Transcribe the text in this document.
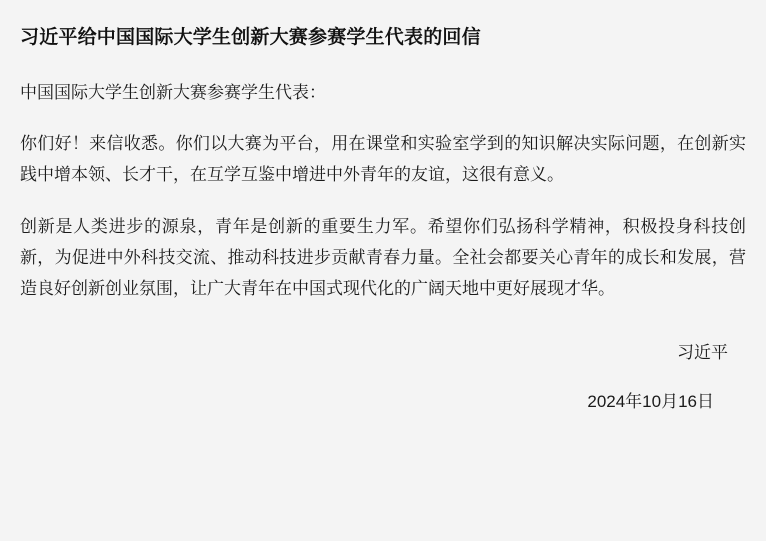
习近平给中国国际大学生创新大赛参赛学生代表的回信

中国国际大学生创新大赛参赛学生代表：

你们好！来信收悉。你们以大赛为平台，用在课堂和实验室学到的知识解决实际问题，在创新实践中增本领、长才干，在互学互鉴中增进中外青年的友谊，这很有意义。

创新是人类进步的源泉，青年是创新的重要生力军。希望你们弘扬科学精神，积极投身科技创新，为促进中外科技交流、推动科技进步贡献青春力量。全社会都要关心青年的成长和发展，营造良好创新创业氛围，让广大青年在中国式现代化的广阔天地中更好展现才华。

习近平

2024年10月16日
